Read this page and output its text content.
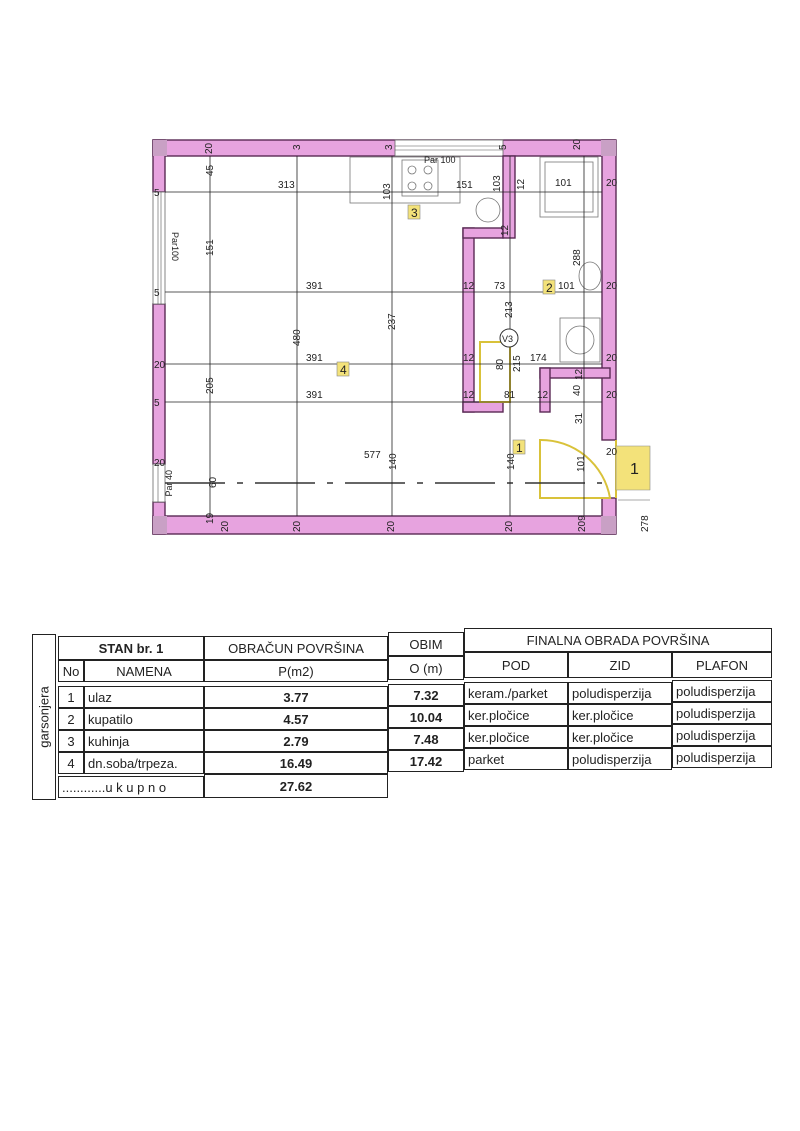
1
2
3
4
V3
Par 100
Par100
Par 40
20	3	3	5	20
45
313	103	151 103 12	101	20
5
151
5
20
205
5
60
20
19
480
237
12
288
213
80 215
140	140	101
391	12 73	101	20
391	12	174	20
391	12	81 12	20
12
40
31
577	20
20	20	20
20	209	278
1
garsonjera
STAN br. 1	OBRAČUN POVRŠINA	OBIM	FINALNA OBRADA POVRŠINA
No	NAMENA	P(m2)	O (m)	POD	ZID	PLAFON
1	ulaz	3.77	7.32	keram./parket	poludisperzija	poludisperzija
2	kupatilo	4.57	10.04	ker.pločice	ker.pločice	poludisperzija
3	kuhinja	2.79	7.48	ker.pločice	ker.pločice	poludisperzija
4	dn.soba/trpeza.	16.49	17.42	parket	poludisperzija	poludisperzija
............u k u p n o	27.62
